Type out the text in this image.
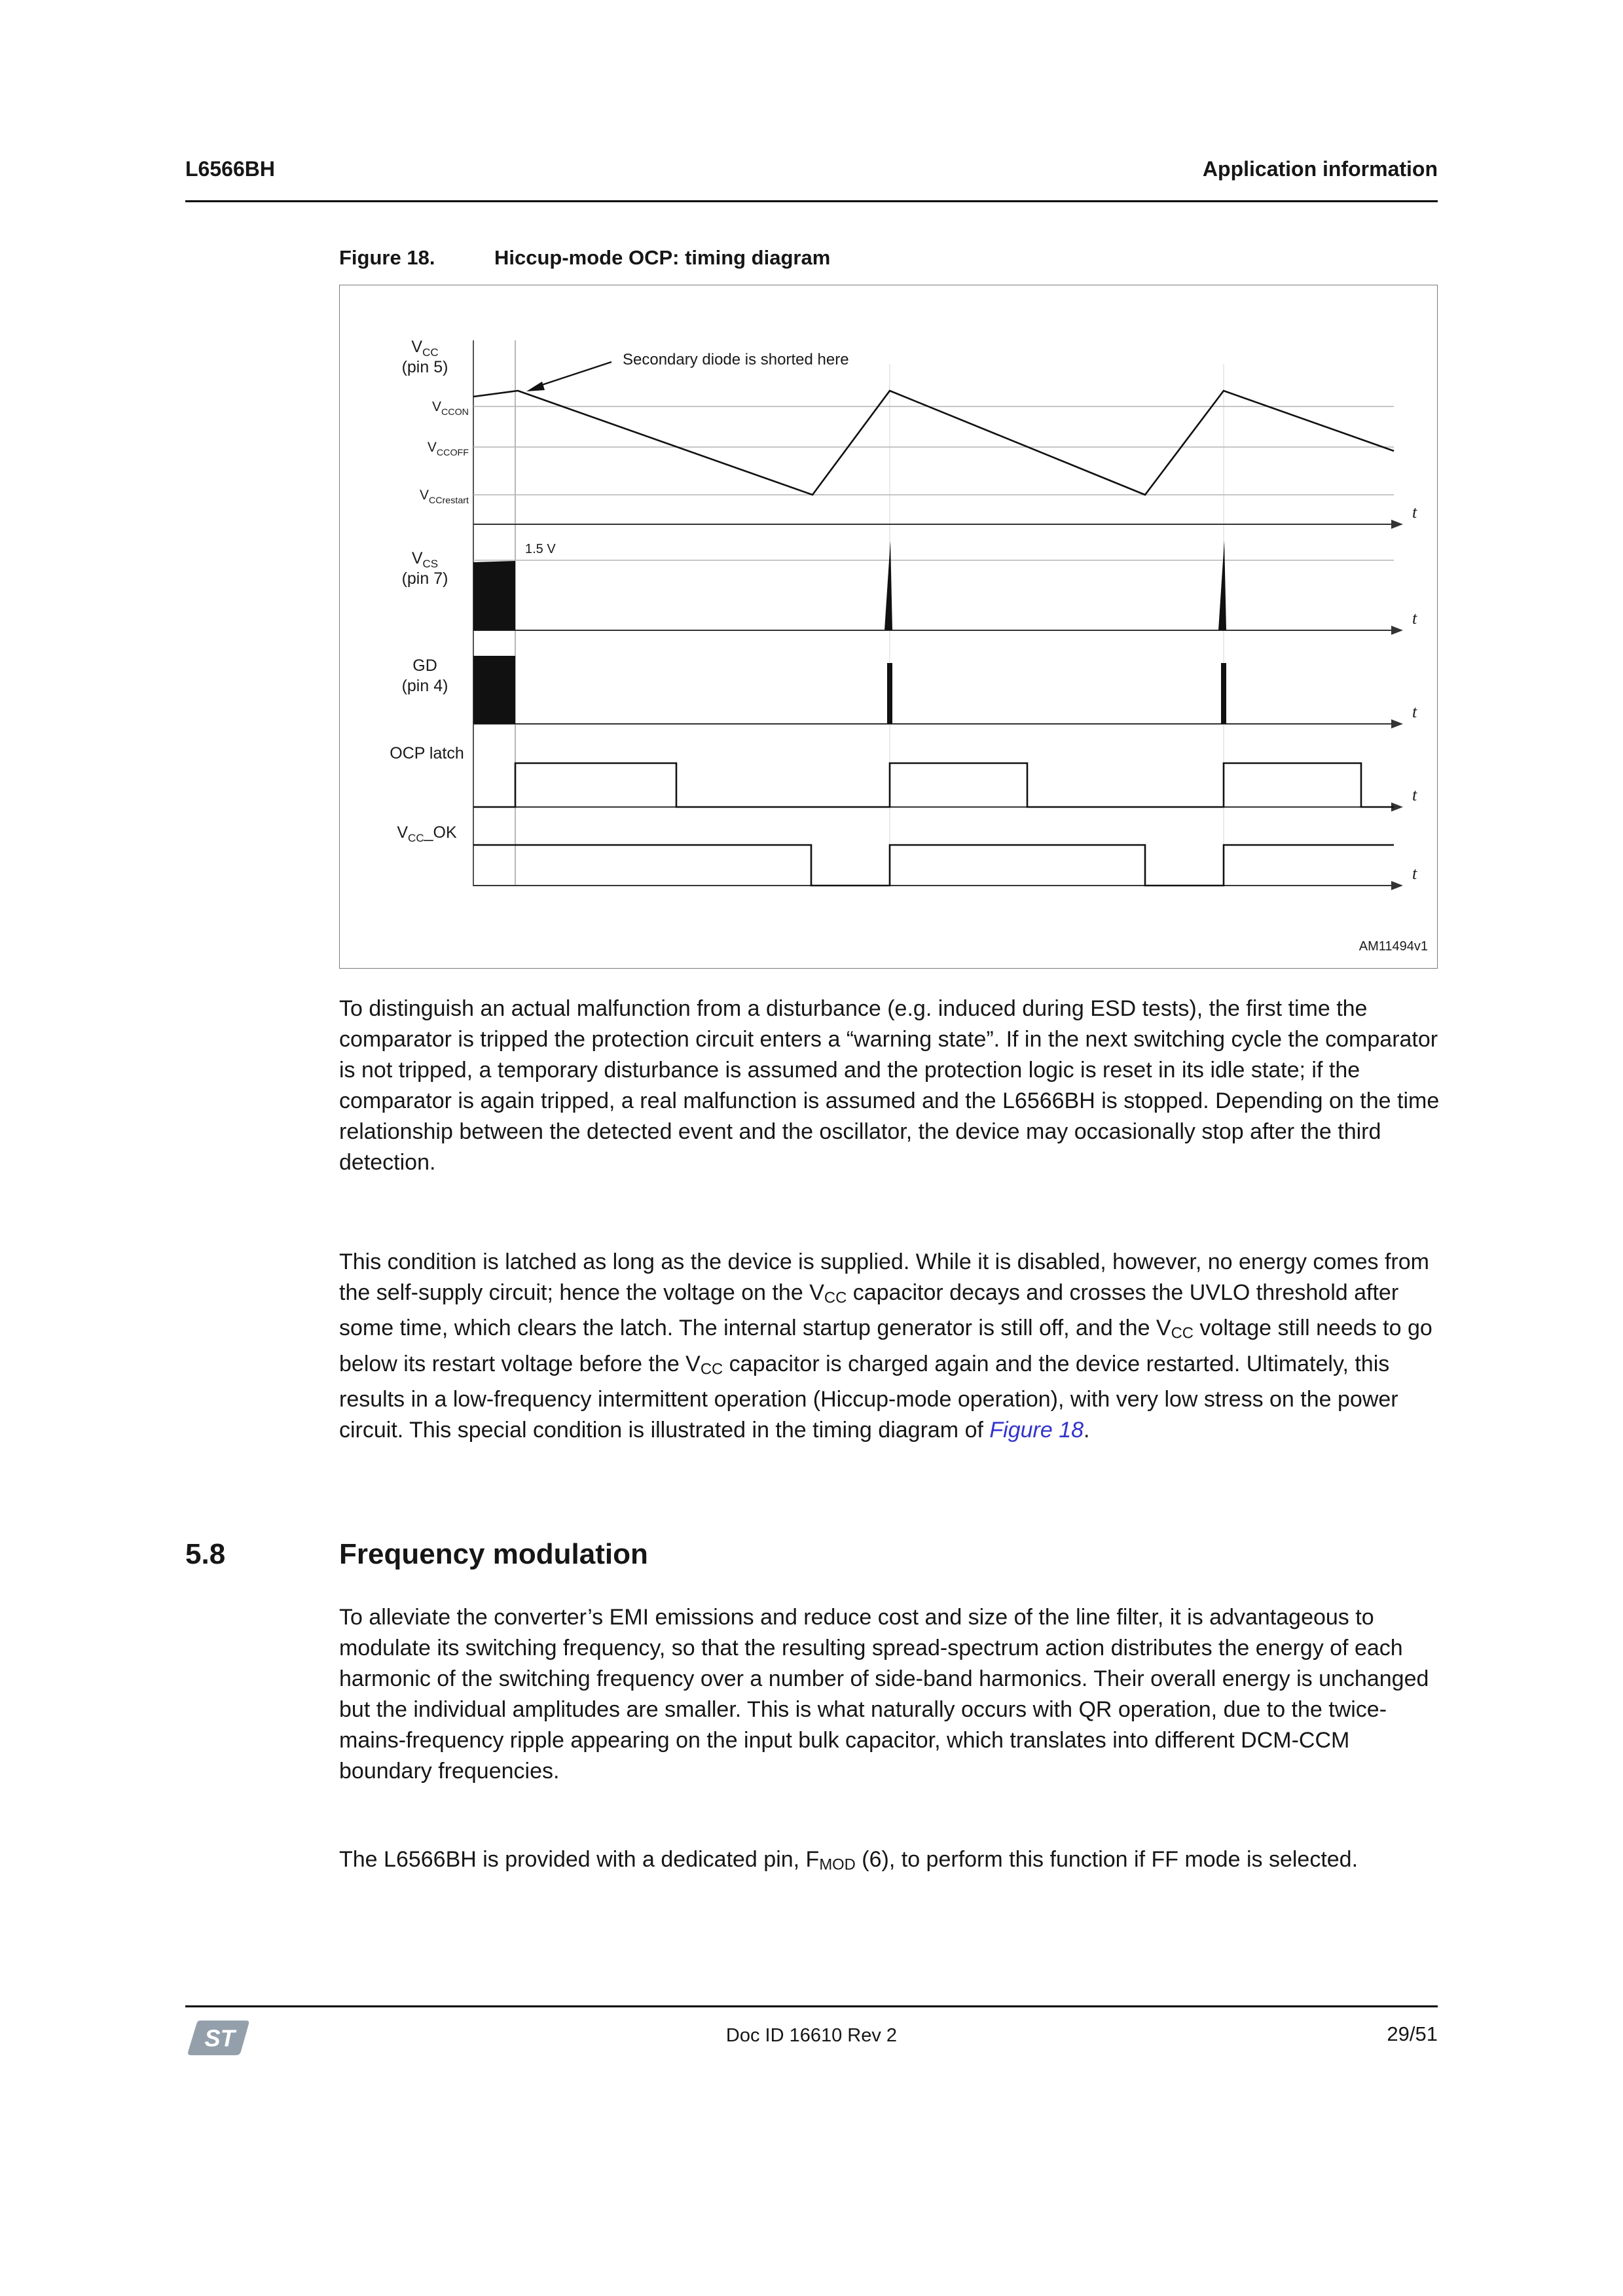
L6566BH	Application information
Figure 18.	Hiccup-mode OCP: timing diagram
$V_{CCON}$
$V_{CCOFF}$
$V_{CCrestart}$
t
$V_{CC}$
(pin 5)
t
$V_{CS}$
(pin 7)
1.5 V
t
GD
(pin 4)
t
OCP latch
t
$V_{CC}\_OK$
Secondary diode is shorted here
AM11494v1

To distinguish an actual malfunction from a disturbance (e.g. induced during ESD tests), the first time the comparator is tripped the protection circuit enters a “warning state”. If in the next switching cycle the comparator is not tripped, a temporary disturbance is assumed and the protection logic is reset in its idle state; if the comparator is again tripped, a real malfunction is assumed and the L6566BH is stopped. Depending on the time relationship between the detected event and the oscillator, the device may occasionally stop after the third detection.

This condition is latched as long as the device is supplied. While it is disabled, however, no energy comes from the self-supply circuit; hence the voltage on the VCC capacitor decays and crosses the UVLO threshold after some time, which clears the latch. The internal startup generator is still off, and the VCC voltage still needs to go below its restart voltage before the VCC capacitor is charged again and the device restarted. Ultimately, this results in a low-frequency intermittent operation (Hiccup-mode operation), with very low stress on the power circuit. This special condition is illustrated in the timing diagram of Figure 18.

5.8	Frequency modulation

To alleviate the converter’s EMI emissions and reduce cost and size of the line filter, it is advantageous to modulate its switching frequency, so that the resulting spread-spectrum action distributes the energy of each harmonic of the switching frequency over a number of side-band harmonics. Their overall energy is unchanged but the individual amplitudes are smaller. This is what naturally occurs with QR operation, due to the twice-mains-frequency ripple appearing on the input bulk capacitor, which translates into different DCM-CCM boundary frequencies.

The L6566BH is provided with a dedicated pin, FMOD (6), to perform this function if FF mode is selected.

ST	Doc ID 16610 Rev 2	29/51
